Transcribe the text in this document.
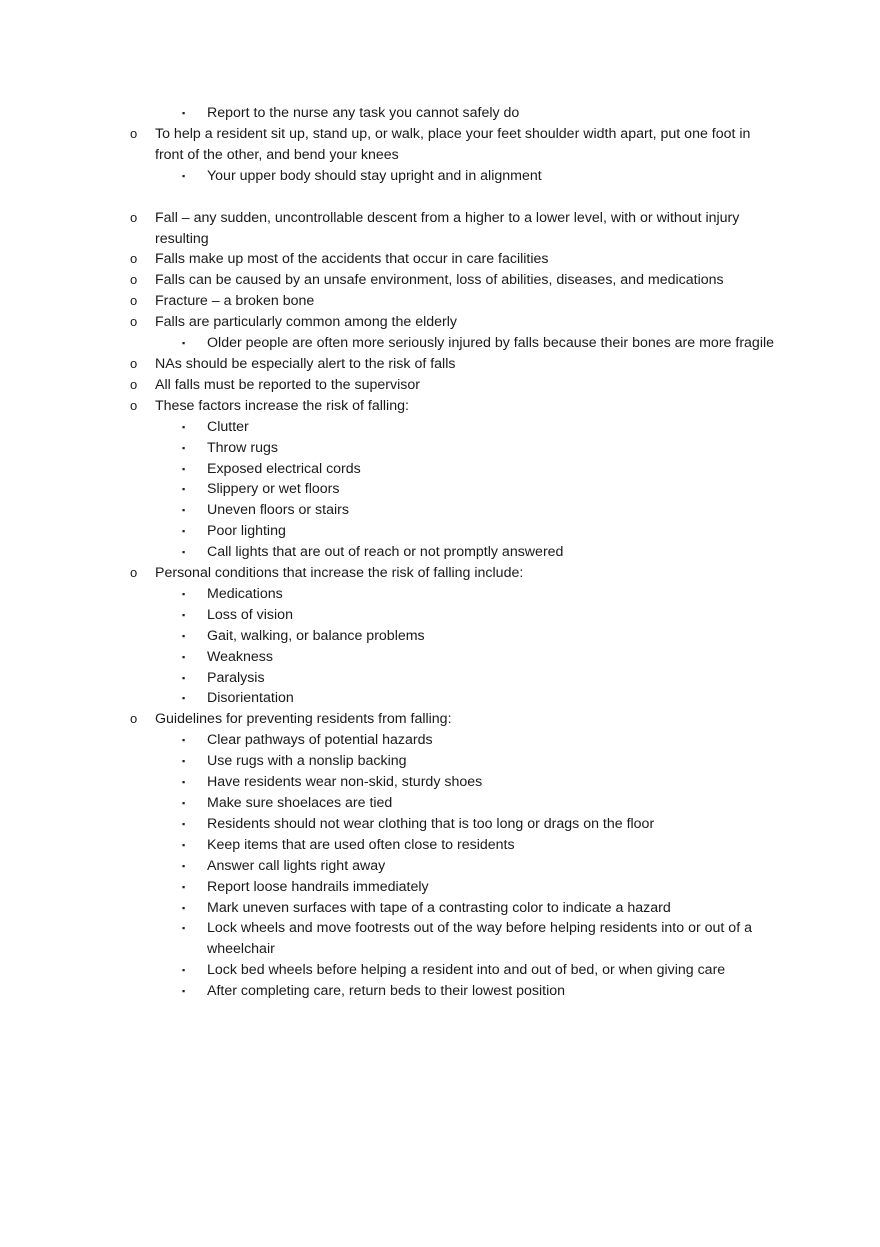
▪ Report to the nurse any task you cannot safely do
o To help a resident sit up, stand up, or walk, place your feet shoulder width apart, put one foot in front of the other, and bend your knees
▪ Your upper body should stay upright and in alignment
o Fall – any sudden, uncontrollable descent from a higher to a lower level, with or without injury resulting
o Falls make up most of the accidents that occur in care facilities
o Falls can be caused by an unsafe environment, loss of abilities, diseases, and medications
o Fracture – a broken bone
o Falls are particularly common among the elderly
▪ Older people are often more seriously injured by falls because their bones are more fragile
o NAs should be especially alert to the risk of falls
o All falls must be reported to the supervisor
o These factors increase the risk of falling:
▪ Clutter
▪ Throw rugs
▪ Exposed electrical cords
▪ Slippery or wet floors
▪ Uneven floors or stairs
▪ Poor lighting
▪ Call lights that are out of reach or not promptly answered
o Personal conditions that increase the risk of falling include:
▪ Medications
▪ Loss of vision
▪ Gait, walking, or balance problems
▪ Weakness
▪ Paralysis
▪ Disorientation
o Guidelines for preventing residents from falling:
▪ Clear pathways of potential hazards
▪ Use rugs with a nonslip backing
▪ Have residents wear non-skid, sturdy shoes
▪ Make sure shoelaces are tied
▪ Residents should not wear clothing that is too long or drags on the floor
▪ Keep items that are used often close to residents
▪ Answer call lights right away
▪ Report loose handrails immediately
▪ Mark uneven surfaces with tape of a contrasting color to indicate a hazard
▪ Lock wheels and move footrests out of the way before helping residents into or out of a wheelchair
▪ Lock bed wheels before helping a resident into and out of bed, or when giving care
▪ After completing care, return beds to their lowest position
